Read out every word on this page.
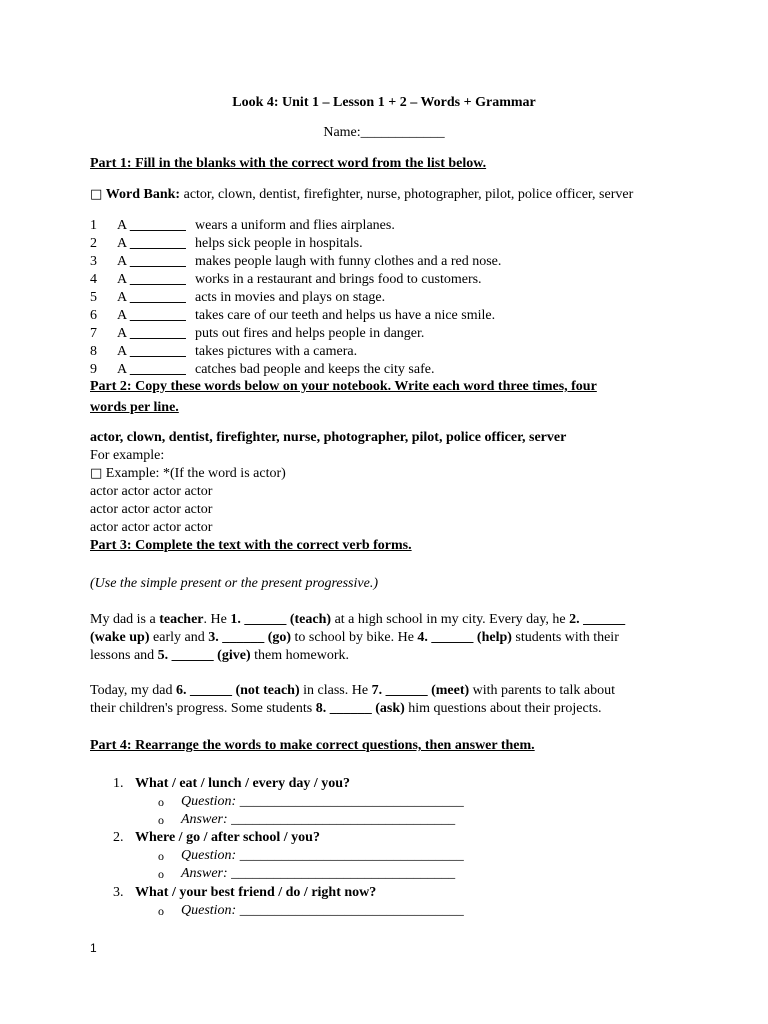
Look 4: Unit 1 – Lesson 1 + 2 – Words + Grammar
Name:____________
Part 1: Fill in the blanks with the correct word from the list below.
□ Word Bank: actor, clown, dentist, firefighter, nurse, photographer, pilot, police officer, server
1 A ________ wears a uniform and flies airplanes.
2 A ________ helps sick people in hospitals.
3 A ________ makes people laugh with funny clothes and a red nose.
4 A ________ works in a restaurant and brings food to customers.
5 A ________ acts in movies and plays on stage.
6 A ________ takes care of our teeth and helps us have a nice smile.
7 A ________ puts out fires and helps people in danger.
8 A ________ takes pictures with a camera.
9 A ________ catches bad people and keeps the city safe.
Part 2: Copy these words below on your notebook. Write each word three times, four
words per line.
actor, clown, dentist, firefighter, nurse, photographer, pilot, police officer, server
For example:
□ Example: *(If the word is actor)
actor actor actor actor
actor actor actor actor
actor actor actor actor
Part 3: Complete the text with the correct verb forms.
(Use the simple present or the present progressive.)
My dad is a teacher. He 1. ______ (teach) at a high school in my city. Every day, he 2. ______
(wake up) early and 3. ______ (go) to school by bike. He 4. ______ (help) students with their
lessons and 5. ______ (give) them homework.
Today, my dad 6. ______ (not teach) in class. He 7. ______ (meet) with parents to talk about
their children's progress. Some students 8. ______ (ask) him questions about their projects.
Part 4: Rearrange the words to make correct questions, then answer them.
1. What / eat / lunch / every day / you?
o Question: ________________________________
o Answer: ________________________________
2. Where / go / after school / you?
o Question: ________________________________
o Answer: ________________________________
3. What / your best friend / do / right now?
o Question: ________________________________
1
